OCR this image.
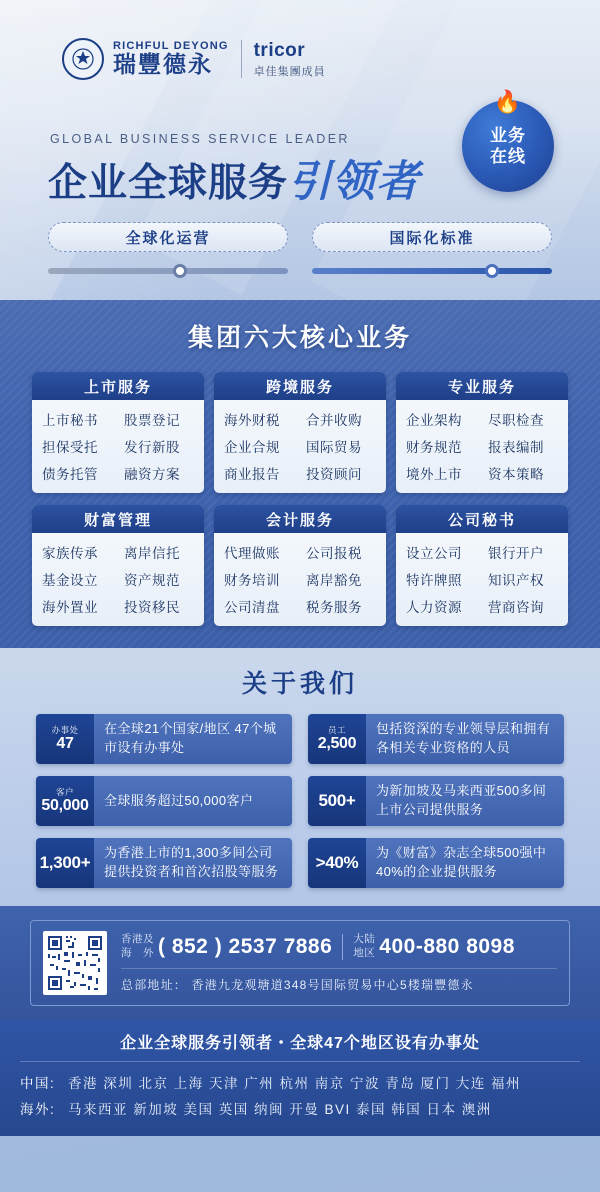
RICHFUL DEYONG
瑞豐德永
tricor
卓佳集團成員
GLOBAL BUSINESS SERVICE LEADER
企业全球服务引领者
🔥
业务
在线
全球化运营	国际化标准
集团六大核心业务
上市服务
上市秘书	股票登记
担保受托	发行新股
债务托管	融资方案
跨境服务
海外财税	合并收购
企业合规	国际贸易
商业报告	投资顾问
专业服务
企业架构	尽职检查
财务规范	报表编制
境外上市	资本策略
财富管理
家族传承	离岸信托
基金设立	资产规范
海外置业	投资移民
会计服务
代理做账	公司报税
财务培训	离岸豁免
公司清盘	税务服务
公司秘书
设立公司	银行开户
特许牌照	知识产权
人力资源	营商咨询
关于我们
办事处
47
在全球21个国家/地区 47个城市设有办事处
员工
2,500
包括资深的专业领导层和拥有各相关专业资格的人员
客户
50,000	全球服务超过50,000客户	500+
为新加坡及马来西亚500多间上市公司提供服务
1,300+
为香港上市的1,300多间公司提供投资者和首次招股等服务	>40%
为《财富》杂志全球500强中40%的企业提供服务
香港及
海　外 ( 852 ) 2537 7886 大陆
地区 400-880 8098
总部地址： 香港九龙观塘道348号国际贸易中心5楼瑞豐德永
企业全球服务引领者・全球47个地区设有办事处
中国: 香港 深圳 北京 上海 天津 广州 杭州 南京 宁波 青岛 厦门 大连 福州
海外: 马来西亚 新加坡 美国 英国 纳闽 开曼 BVI 泰国 韩国 日本 澳洲
